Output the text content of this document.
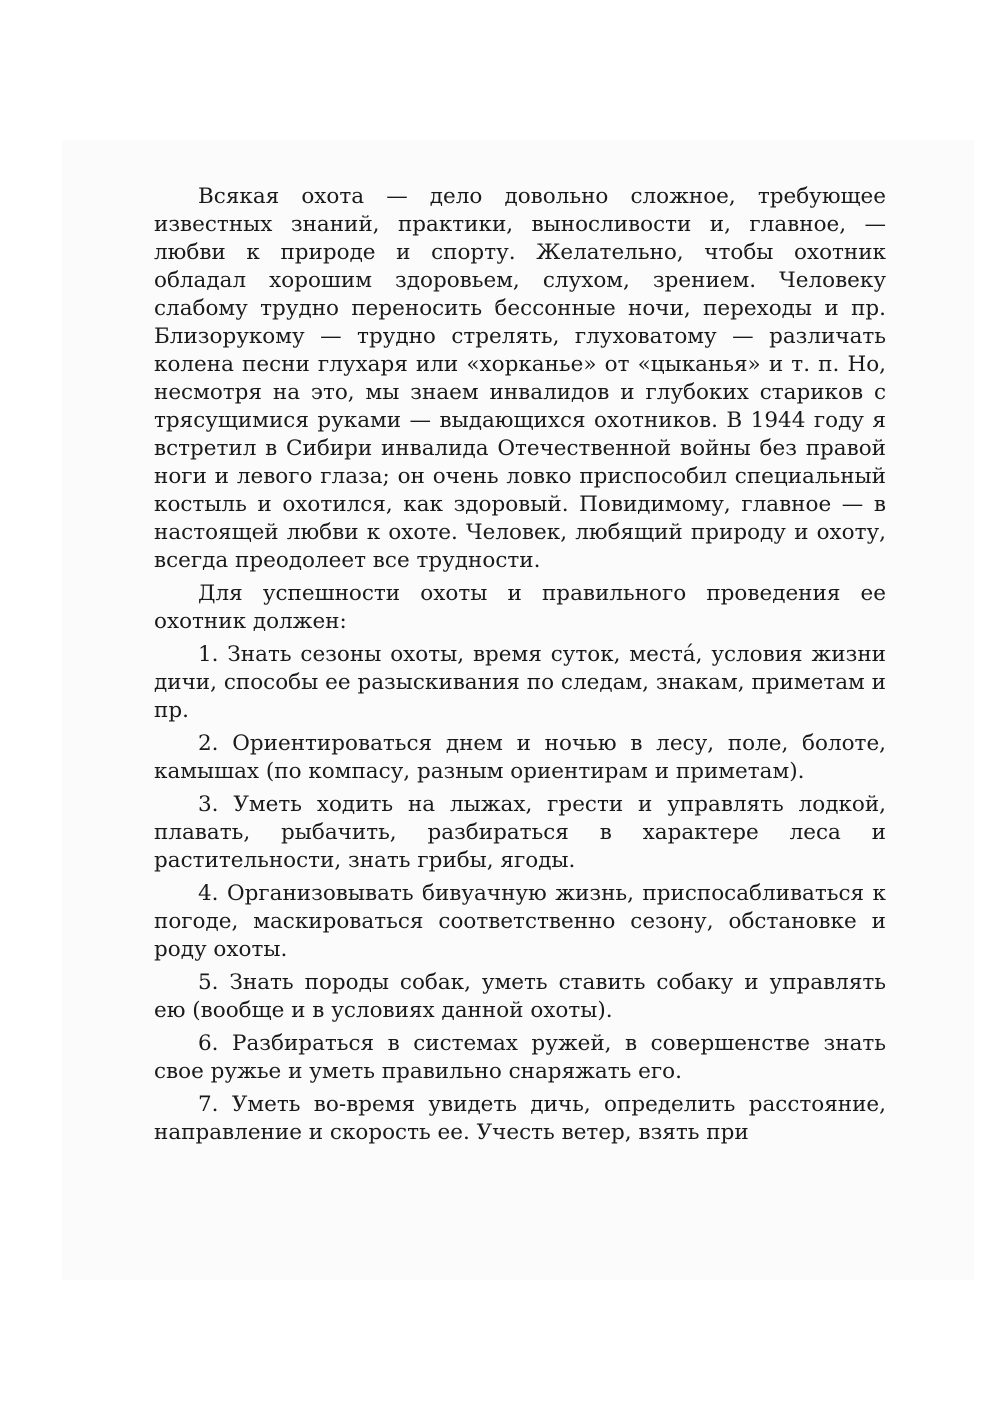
Всякая охота — дело довольно сложное, требующее известных знаний, практики, выносливости и, главное, — любви к природе и спорту. Желательно, чтобы охотник обладал хорошим здоровьем, слухом, зрением. Человеку слабому трудно переносить бессонные ночи, переходы и пр. Близорукому — трудно стрелять, глуховатому — различать колена песни глухаря или «хорканье» от «цыканья» и т. п. Но, несмотря на это, мы знаем инвалидов и глубоких стариков с трясущимися руками — выдающихся охотников. В 1944 году я встретил в Сибири инвалида Отечественной войны без правой ноги и левого глаза; он очень ловко приспособил специальный костыль и охотился, как здоровый. Повидимому, главное — в настоящей любви к охоте. Человек, любящий природу и охоту, всегда преодолеет все трудности.

Для успешности охоты и правильного проведения ее охотник должен:

1. Знать сезоны охоты, время суток, места́, условия жизни дичи, способы ее разыскивания по следам, знакам, приметам и пр.

2. Ориентироваться днем и ночью в лесу, поле, болоте, камышах (по компасу, разным ориентирам и приметам).

3. Уметь ходить на лыжах, грести и управлять лодкой, плавать, рыбачить, разбираться в характере леса и растительности, знать грибы, ягоды.

4. Организовывать бивуачную жизнь, приспосабливаться к погоде, маскироваться соответственно сезону, обстановке и роду охоты.

5. Знать породы собак, уметь ставить собаку и управлять ею (вообще и в условиях данной охоты).

6. Разбираться в системах ружей, в совершенстве знать свое ружье и уметь правильно снаряжать его.

7. Уметь во-время увидеть дичь, определить расстояние, направление и скорость ее. Учесть ветер, взять при
